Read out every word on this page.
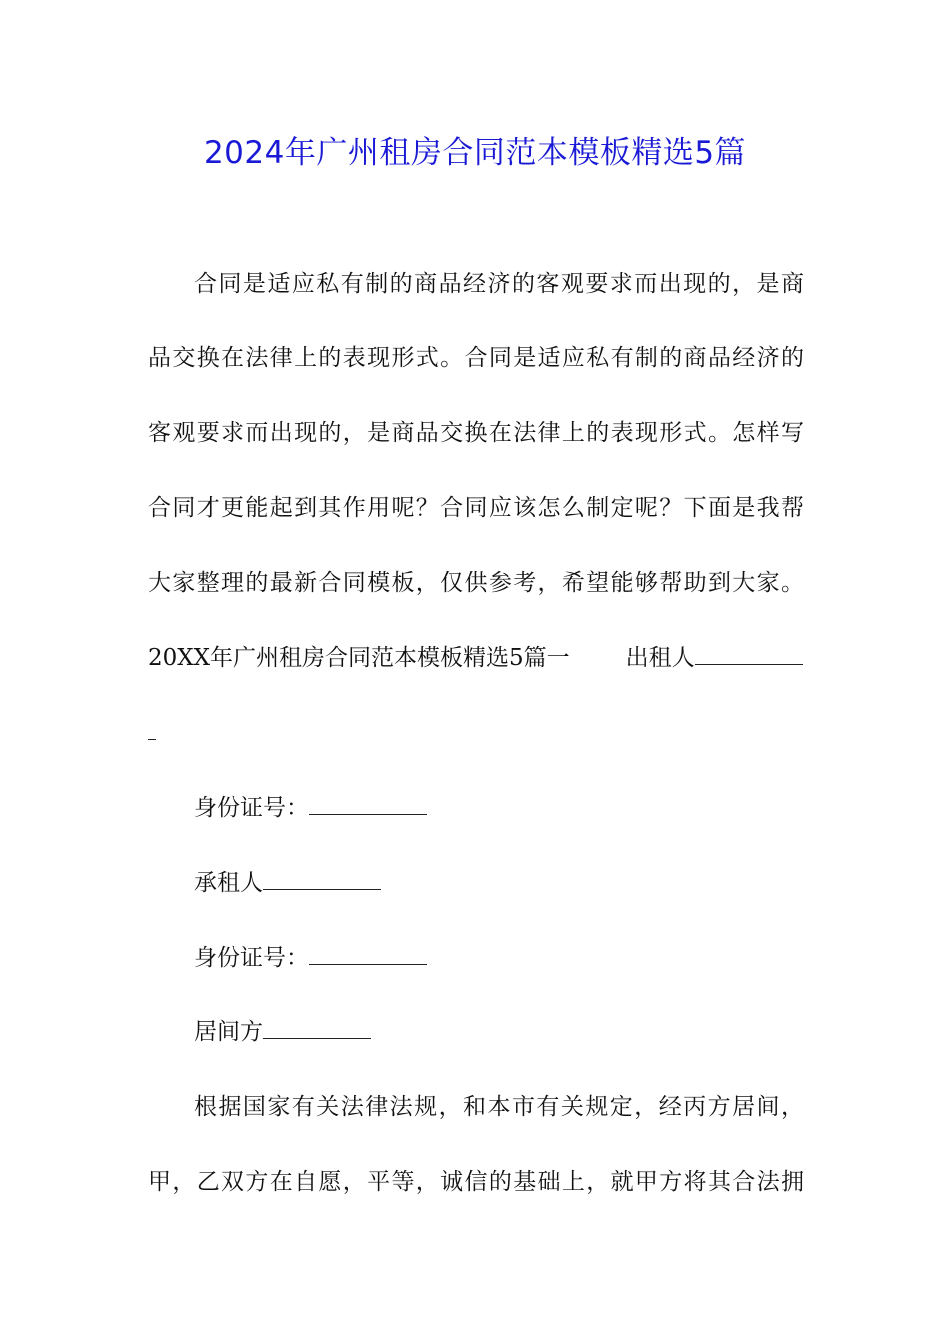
2024年广州租房合同范本模板精选5篇

合同是适应私有制的商品经济的客观要求而出现的，是商

品交换在法律上的表现形式。合同是适应私有制的商品经济的

客观要求而出现的，是商品交换在法律上的表现形式。怎样写

合同才更能起到其作用呢？合同应该怎么制定呢？下面是我帮

大家整理的最新合同模板，仅供参考，希望能够帮助到大家。

20XX年广州租房合同范本模板精选5篇一 出租人

身份证号：

承租人

身份证号：

居间方

根据国家有关法律法规，和本市有关规定，经丙方居间，

甲，乙双方在自愿，平等，诚信的基础上，就甲方将其合法拥
